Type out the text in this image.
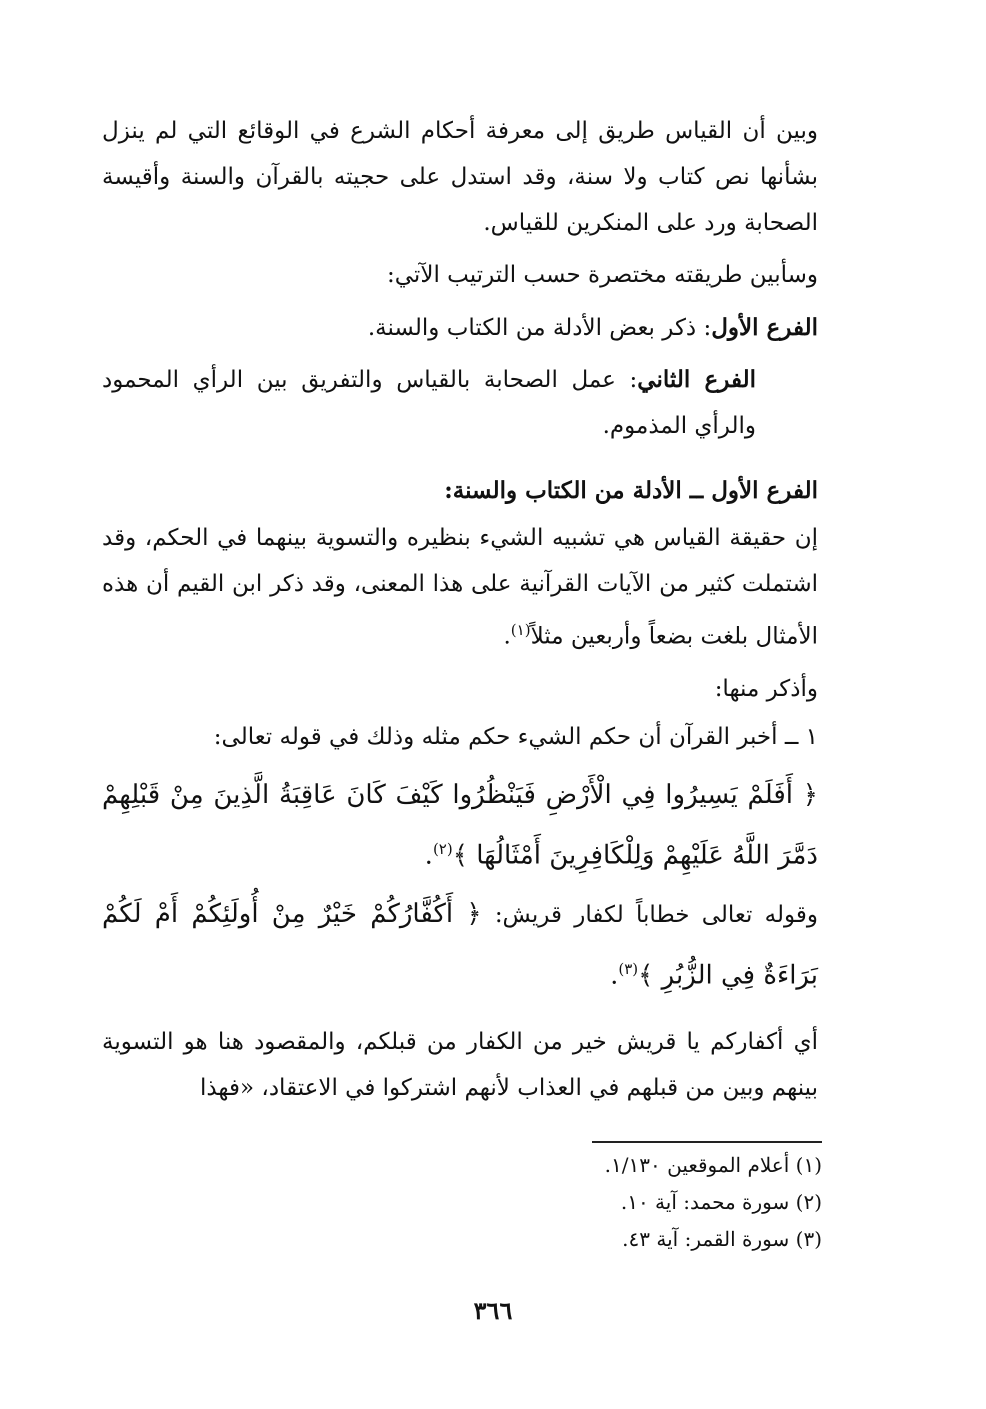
وبين أن القياس طريق إلى معرفة أحكام الشرع في الوقائع التي لم ينزل بشأنها نص كتاب ولا سنة، وقد استدل على حجيته بالقرآن والسنة وأقيسة الصحابة ورد على المنكرين للقياس.
وسأبين طريقته مختصرة حسب الترتيب الآتي:
الفرع الأول: ذكر بعض الأدلة من الكتاب والسنة.
الفرع الثاني: عمل الصحابة بالقياس والتفريق بين الرأي المحمود والرأي المذموم.
الفرع الأول ــ الأدلة من الكتاب والسنة:
إن حقيقة القياس هي تشبيه الشيء بنظيره والتسوية بينهما في الحكم، وقد اشتملت كثير من الآيات القرآنية على هذا المعنى، وقد ذكر ابن القيم أن هذه الأمثال بلغت بضعاً وأربعين مثلاً$^{(١)}$.
وأذكر منها:
١ ــ أخبر القرآن أن حكم الشيء حكم مثله وذلك في قوله تعالى:
﴿ أَفَلَمْ يَسِيرُوا فِي الْأَرْضِ فَيَنْظُرُوا كَيْفَ كَانَ عَاقِبَةُ الَّذِينَ مِنْ قَبْلِهِمْ دَمَّرَ اللَّهُ عَلَيْهِمْ وَلِلْكَافِرِينَ أَمْثَالُهَا ﴾$^{(٢)}$.
وقوله تعالى خطاباً لكفار قريش: ﴿ أَكُفَّارُكُمْ خَيْرٌ مِنْ أُولَئِكُمْ أَمْ لَكُمْ بَرَاءَةٌ فِي الزُّبُرِ ﴾$^{(٣)}$.
أي أكفاركم يا قريش خير من الكفار من قبلكم، والمقصود هنا هو التسوية بينهم وبين من قبلهم في العذاب لأنهم اشتركوا في الاعتقاد، «فهذا
(١) أعلام الموقعين ١/١٣٠.
(٢) سورة محمد: آية ١٠.
(٣) سورة القمر: آية ٤٣.
٣٦٦
